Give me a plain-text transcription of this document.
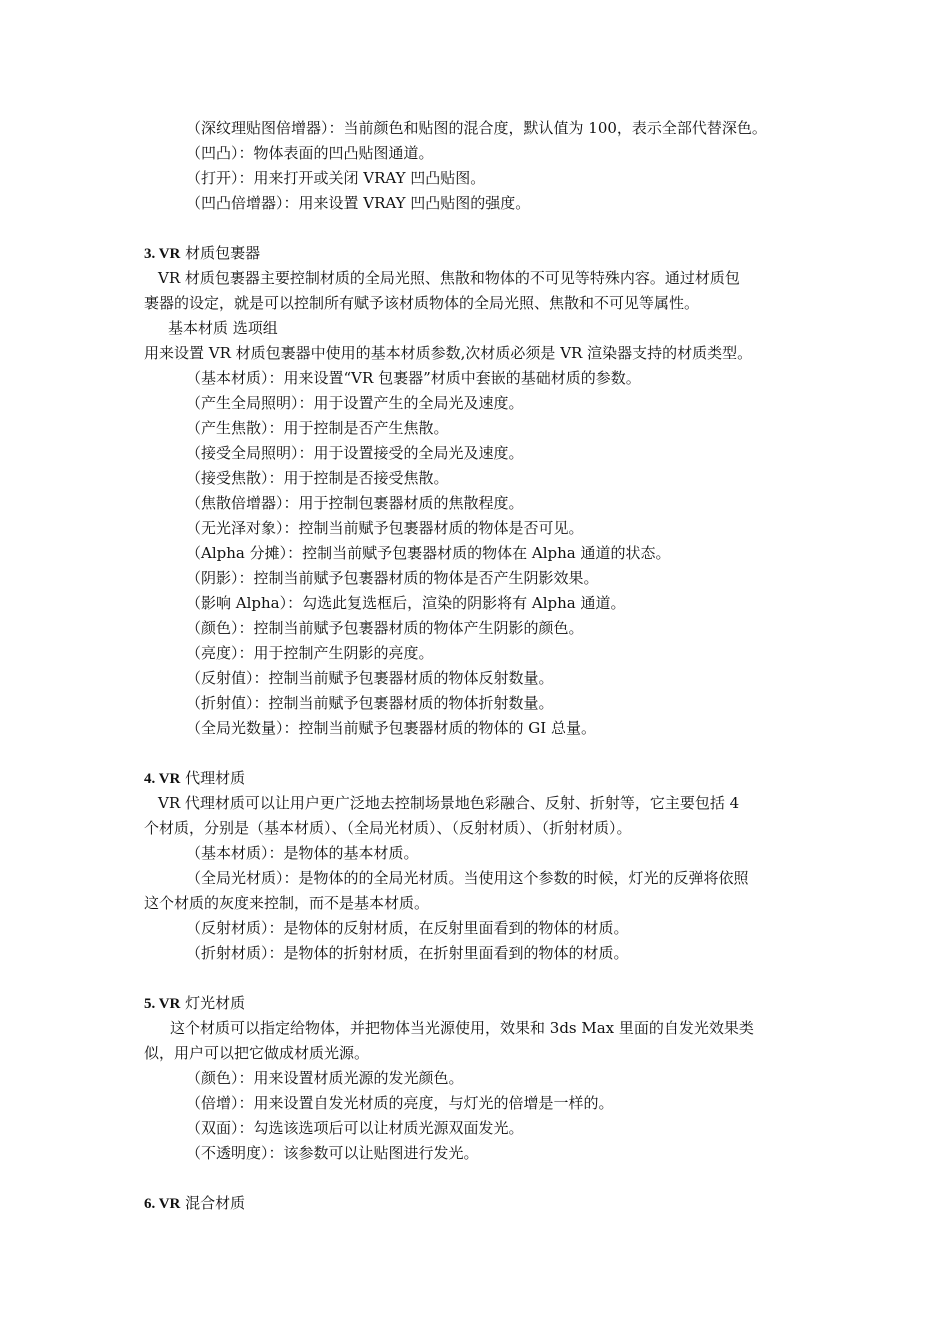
（深纹理贴图倍增器）：当前颜色和贴图的混合度，默认值为 100，表示全部代替深色。
（凹凸）：物体表面的凹凸贴图通道。
（打开）：用来打开或关闭 VRAY 凹凸贴图。
（凹凸倍增器）：用来设置 VRAY 凹凸贴图的强度。
3. VR 材质包裹器
VR 材质包裹器主要控制材质的全局光照、焦散和物体的不可见等特殊内容。通过材质包
裹器的设定，就是可以控制所有赋予该材质物体的全局光照、焦散和不可见等属性。
基本材质 选项组
用来设置 VR 材质包裹器中使用的基本材质参数,次材质必须是 VR 渲染器支持的材质类型。
（基本材质）：用来设置“VR 包裹器”材质中套嵌的基础材质的参数。
（产生全局照明）：用于设置产生的全局光及速度。
（产生焦散）：用于控制是否产生焦散。
（接受全局照明）：用于设置接受的全局光及速度。
（接受焦散）：用于控制是否接受焦散。
（焦散倍增器）：用于控制包裹器材质的焦散程度。
（无光泽对象）：控制当前赋予包裹器材质的物体是否可见。
（Alpha 分摊）：控制当前赋予包裹器材质的物体在 Alpha 通道的状态。
（阴影）：控制当前赋予包裹器材质的物体是否产生阴影效果。
（影响 Alpha）：勾选此复选框后，渲染的阴影将有 Alpha 通道。
（颜色）：控制当前赋予包裹器材质的物体产生阴影的颜色。
（亮度）：用于控制产生阴影的亮度。
（反射值）：控制当前赋予包裹器材质的物体反射数量。
（折射值）：控制当前赋予包裹器材质的物体折射数量。
（全局光数量）：控制当前赋予包裹器材质的物体的 GI 总量。
4. VR 代理材质
VR 代理材质可以让用户更广泛地去控制场景地色彩融合、反射、折射等，它主要包括 4
个材质，分别是（基本材质）、（全局光材质）、（反射材质）、（折射材质）。
（基本材质）：是物体的基本材质。
（全局光材质）：是物体的的全局光材质。当使用这个参数的时候，灯光的反弹将依照
这个材质的灰度来控制，而不是基本材质。
（反射材质）：是物体的反射材质，在反射里面看到的物体的材质。
（折射材质）：是物体的折射材质，在折射里面看到的物体的材质。
5. VR 灯光材质
这个材质可以指定给物体，并把物体当光源使用，效果和 3ds Max 里面的自发光效果类
似，用户可以把它做成材质光源。
（颜色）：用来设置材质光源的发光颜色。
（倍增）：用来设置自发光材质的亮度，与灯光的倍增是一样的。
（双面）：勾选该选项后可以让材质光源双面发光。
（不透明度）：该参数可以让贴图进行发光。
6. VR 混合材质
